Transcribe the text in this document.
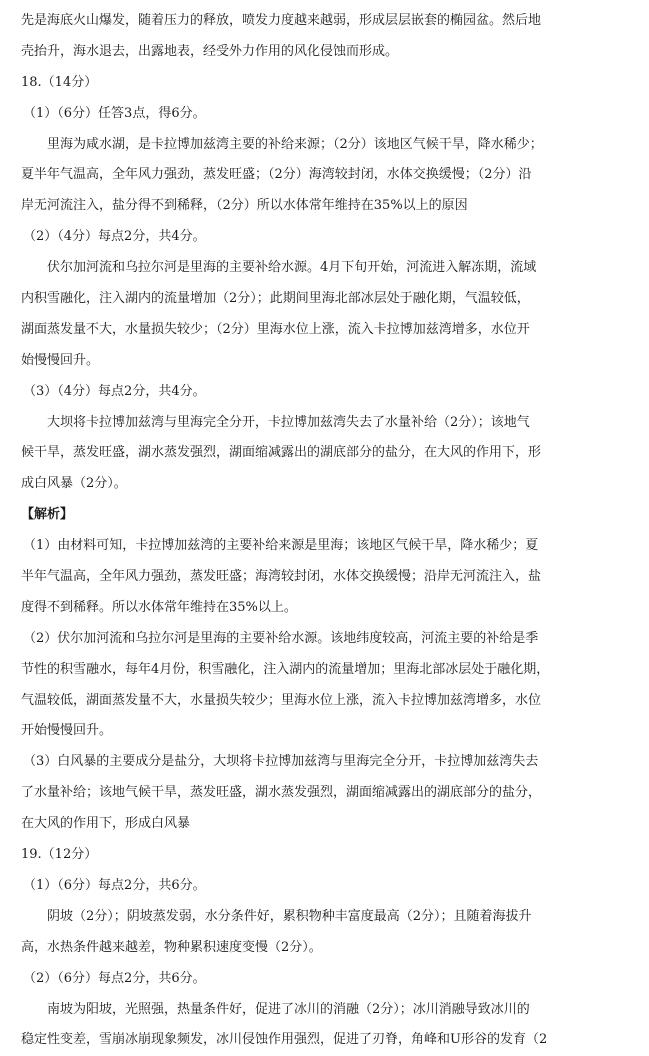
先是海底火山爆发，随着压力的释放，喷发力度越来越弱，形成层层嵌套的椭园盆。然后地
壳抬升，海水退去，出露地表，经受外力作用的风化侵蚀而形成。
18.（14分）
（1）（6分）任答3点，得6分。
里海为咸水湖，是卡拉博加兹湾主要的补给来源；（2分）该地区气候干旱，降水稀少；
夏半年气温高，全年风力强劲，蒸发旺盛；（2分）海湾较封闭，水体交换缓慢；（2分）沿
岸无河流注入，盐分得不到稀释，（2分）所以水体常年维持在35%以上的原因
（2）（4分）每点2分，共4分。
伏尔加河流和乌拉尔河是里海的主要补给水源。4月下旬开始，河流进入解冻期，流域
内积雪融化，注入湖内的流量增加（2分）；此期间里海北部冰层处于融化期，气温较低，
湖面蒸发量不大，水量损失较少；（2分）里海水位上涨，流入卡拉博加兹湾增多，水位开
始慢慢回升。
（3）（4分）每点2分，共4分。
大坝将卡拉博加兹湾与里海完全分开，卡拉博加兹湾失去了水量补给（2分）；该地气
候干旱，蒸发旺盛，湖水蒸发强烈，湖面缩减露出的湖底部分的盐分，在大风的作用下，形
成白风暴（2分）。
【解析】
（1）由材料可知，卡拉博加兹湾的主要补给来源是里海；该地区气候干旱，降水稀少；夏
半年气温高，全年风力强劲，蒸发旺盛；海湾较封闭，水体交换缓慢；沿岸无河流注入，盐
度得不到稀释。所以水体常年维持在35%以上。
（2）伏尔加河流和乌拉尔河是里海的主要补给水源。该地纬度较高，河流主要的补给是季
节性的积雪融水，每年4月份，积雪融化，注入湖内的流量增加；里海北部冰层处于融化期，
气温较低，湖面蒸发量不大，水量损失较少；里海水位上涨，流入卡拉博加兹湾增多，水位
开始慢慢回升。
（3）白风暴的主要成分是盐分，大坝将卡拉博加兹湾与里海完全分开，卡拉博加兹湾失去
了水量补给；该地气候干旱，蒸发旺盛，湖水蒸发强烈，湖面缩减露出的湖底部分的盐分，
在大风的作用下，形成白风暴
19.（12分）
（1）（6分）每点2分，共6分。
阴坡（2分）；阴坡蒸发弱，水分条件好，累积物种丰富度最高（2分）；且随着海拔升
高，水热条件越来越差，物种累积速度变慢（2分）。
（2）（6分）每点2分，共6分。
南坡为阳坡，光照强，热量条件好，促进了冰川的消融（2分）；冰川消融导致冰川的
稳定性变差，雪崩冰崩现象频发，冰川侵蚀作用强烈，促进了刃脊，角峰和U形谷的发育（2
